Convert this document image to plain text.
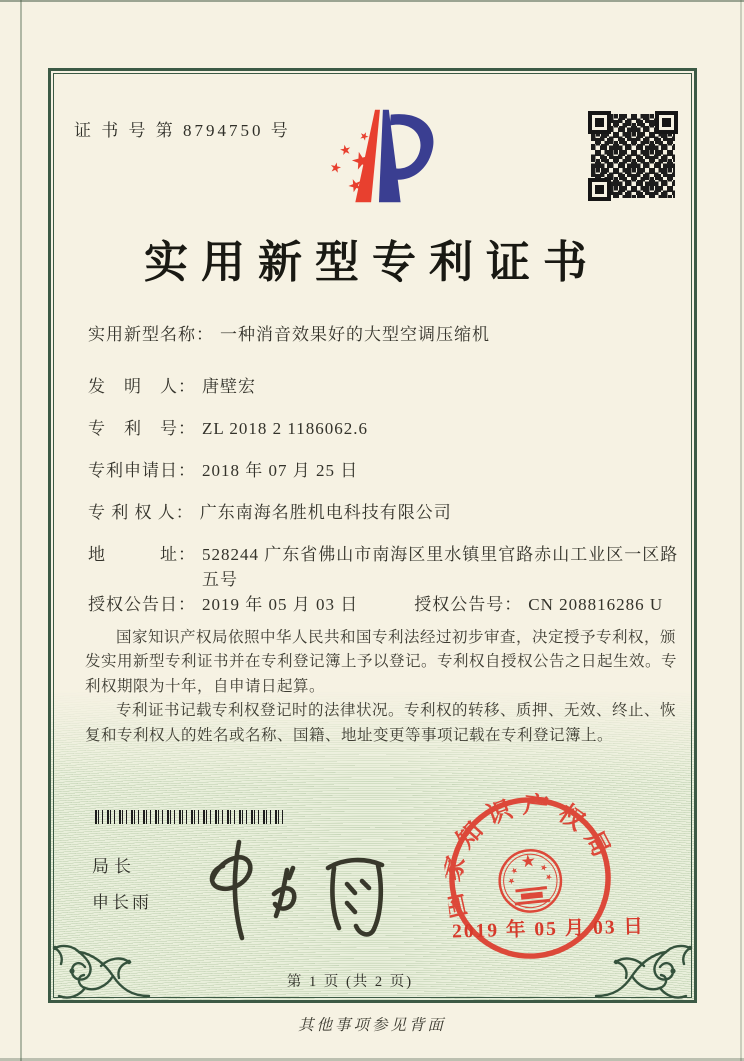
证 书 号 第 8794750 号
实用新型专利证书
实用新型名称： 一种消音效果好的大型空调压缩机
发　明　人： 唐壁宏
专　利　号： ZL 2018 2 1186062.6
专利申请日： 2018 年 07 月 25 日
专 利 权 人： 广东南海名胜机电科技有限公司
地　　　址： 528244 广东省佛山市南海区里水镇里官路赤山工业区一区路五号
授权公告日： 2019 年 05 月 03 日	授权公告号： CN 208816286 U

国家知识产权局依照中华人民共和国专利法经过初步审查，决定授予专利权，颁发实用新型专利证书并在专利登记簿上予以登记。专利权自授权公告之日起生效。专利权期限为十年，自申请日起算。

专利证书记载专利权登记时的法律状况。专利权的转移、质押、无效、终止、恢复和专利权人的姓名或名称、国籍、地址变更等事项记载在专利登记簿上。

局长
申长雨	国家知识产权局
2019 年 05 月 03 日
第 1 页 (共 2 页)
其他事项参见背面
